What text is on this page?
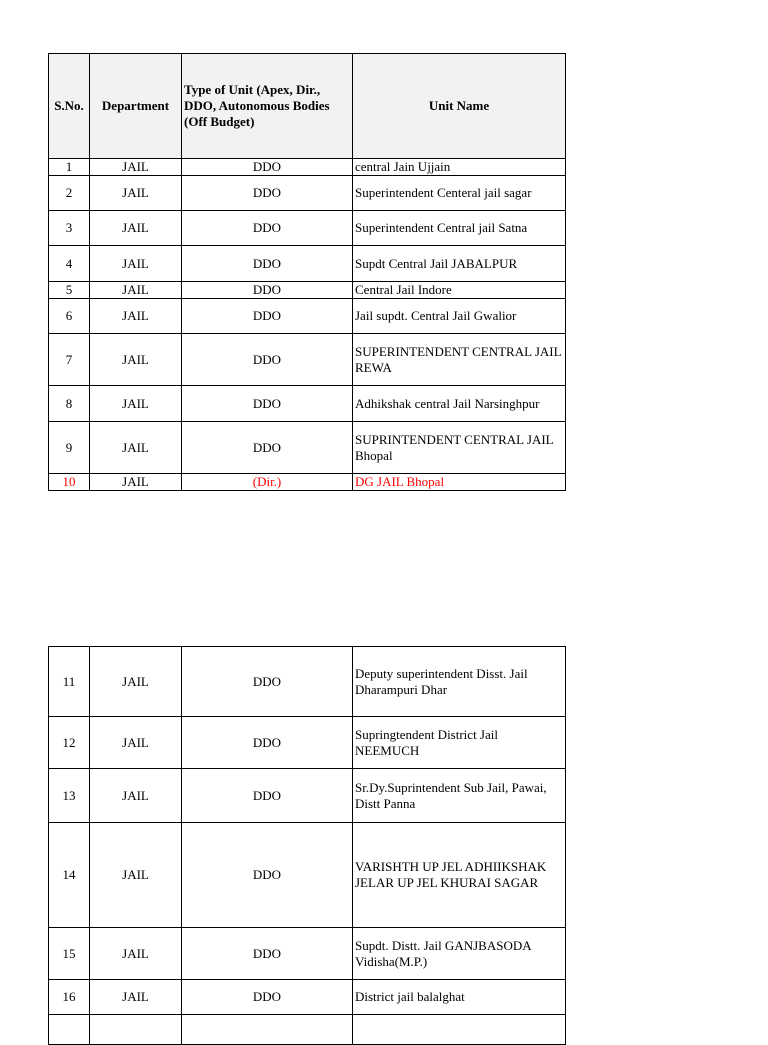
S.No.	Department	Type of Unit (Apex, Dir., DDO, Autonomous Bodies (Off Budget)	Unit Name
1	JAIL	DDO	central Jain Ujjain
2	JAIL	DDO	Superintendent Centeral jail sagar
3	JAIL	DDO	Superintendent Central jail Satna
4	JAIL	DDO	Supdt Central Jail JABALPUR
5	JAIL	DDO	Central Jail Indore
6	JAIL	DDO	Jail supdt. Central Jail Gwalior
7	JAIL	DDO	SUPERINTENDENT CENTRAL JAIL REWA
8	JAIL	DDO	Adhikshak central Jail Narsinghpur
9	JAIL	DDO	SUPRINTENDENT CENTRAL JAIL Bhopal
10	JAIL	(Dir.)	DG JAIL Bhopal
11	JAIL	DDO	Deputy superintendent Disst. Jail Dharampuri Dhar
12	JAIL	DDO	Supringtendent District Jail NEEMUCH
13	JAIL	DDO	Sr.Dy.Suprintendent Sub Jail, Pawai, Distt Panna
14	JAIL	DDO	VARISHTH UP JEL ADHIIKSHAK JELAR UP JEL KHURAI SAGAR
15	JAIL	DDO	Supdt. Distt. Jail GANJBASODA Vidisha(M.P.)
16	JAIL	DDO	District jail balalghat
